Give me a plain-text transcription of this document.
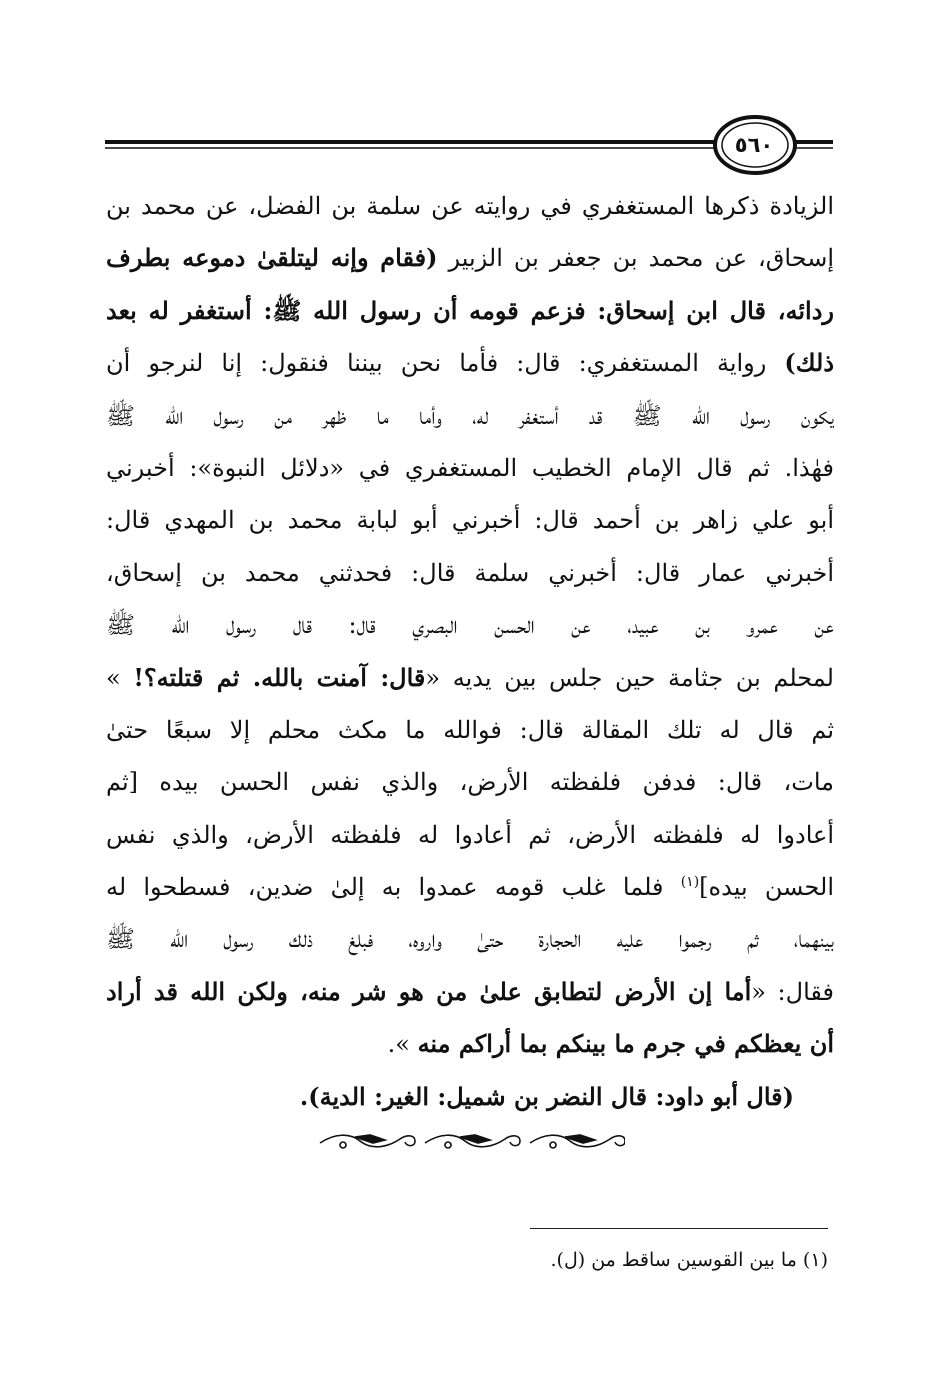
٥٦٠
الزيادة ذكرها المستغفري في روايته عن سلمة بن الفضل، عن محمد بن
إسحاق، عن محمد بن جعفر بن الزبير (فقام وإنه ليتلقىٰ دموعه بطرف
ردائه، قال ابن إسحاق: فزعم قومه أن رسول الله ﷺ: أستغفر له بعد
ذلك) رواية المستغفري: قال: فأما نحن بيننا فنقول: إنا لنرجو أن
يكون رسول الله ﷺ قد أستغفر له، وأما ما ظهر من رسول الله ﷺ
فهٰذا. ثم قال الإمام الخطيب المستغفري في «دلائل النبوة»: أخبرني
أبو علي زاهر بن أحمد قال: أخبرني أبو لبابة محمد بن المهدي قال:
أخبرني عمار قال: أخبرني سلمة قال: فحدثني محمد بن إسحاق،
عن عمرو بن عبيد، عن الحسن البصري قال: قال رسول الله ﷺ
لمحلم بن جثامة حين جلس بين يديه «قال: آمنت بالله. ثم قتلته؟! »
ثم قال له تلك المقالة قال: فوالله ما مكث محلم إلا سبعًا حتىٰ
مات، قال: فدفن فلفظته الأرض، والذي نفس الحسن بيده [ثم
أعادوا له فلفظته الأرض، ثم أعادوا له فلفظته الأرض، والذي نفس
الحسن بيده]$^{(١)}$ فلما غلب قومه عمدوا به إلىٰ ضدين، فسطحوا له
بينهما، ثم رجموا عليه الحجارة حتىٰ واروه، فبلغ ذلك رسول الله ﷺ
فقال: «أما إن الأرض لتطابق علىٰ من هو شر منه، ولكن الله قد أراد
أن يعظكم في جرم ما بينكم بما أراكم منه ».
(قال أبو داود: قال النضر بن شميل: الغير: الدية).
(١) ما بين القوسين ساقط من (ل).
